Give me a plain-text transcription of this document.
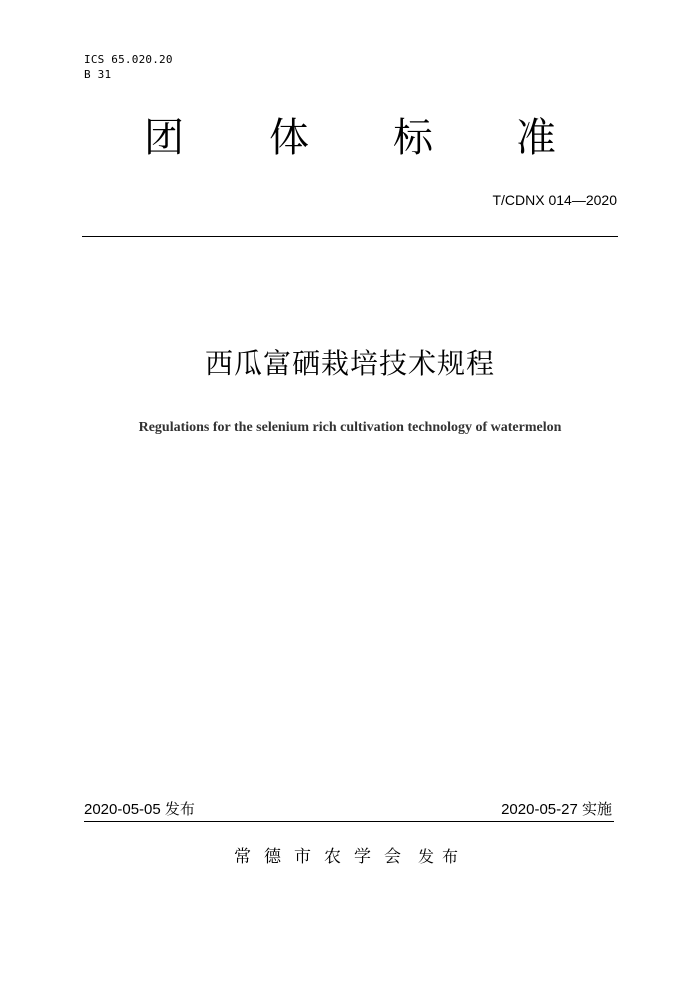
ICS 65.020.20
B 31
团 体 标 准
T/CDNX 014—2020
西瓜富硒栽培技术规程
Regulations for the selenium rich cultivation technology of watermelon
2020-05-05 发布	2020-05-27 实施
常德市农学会 发布
